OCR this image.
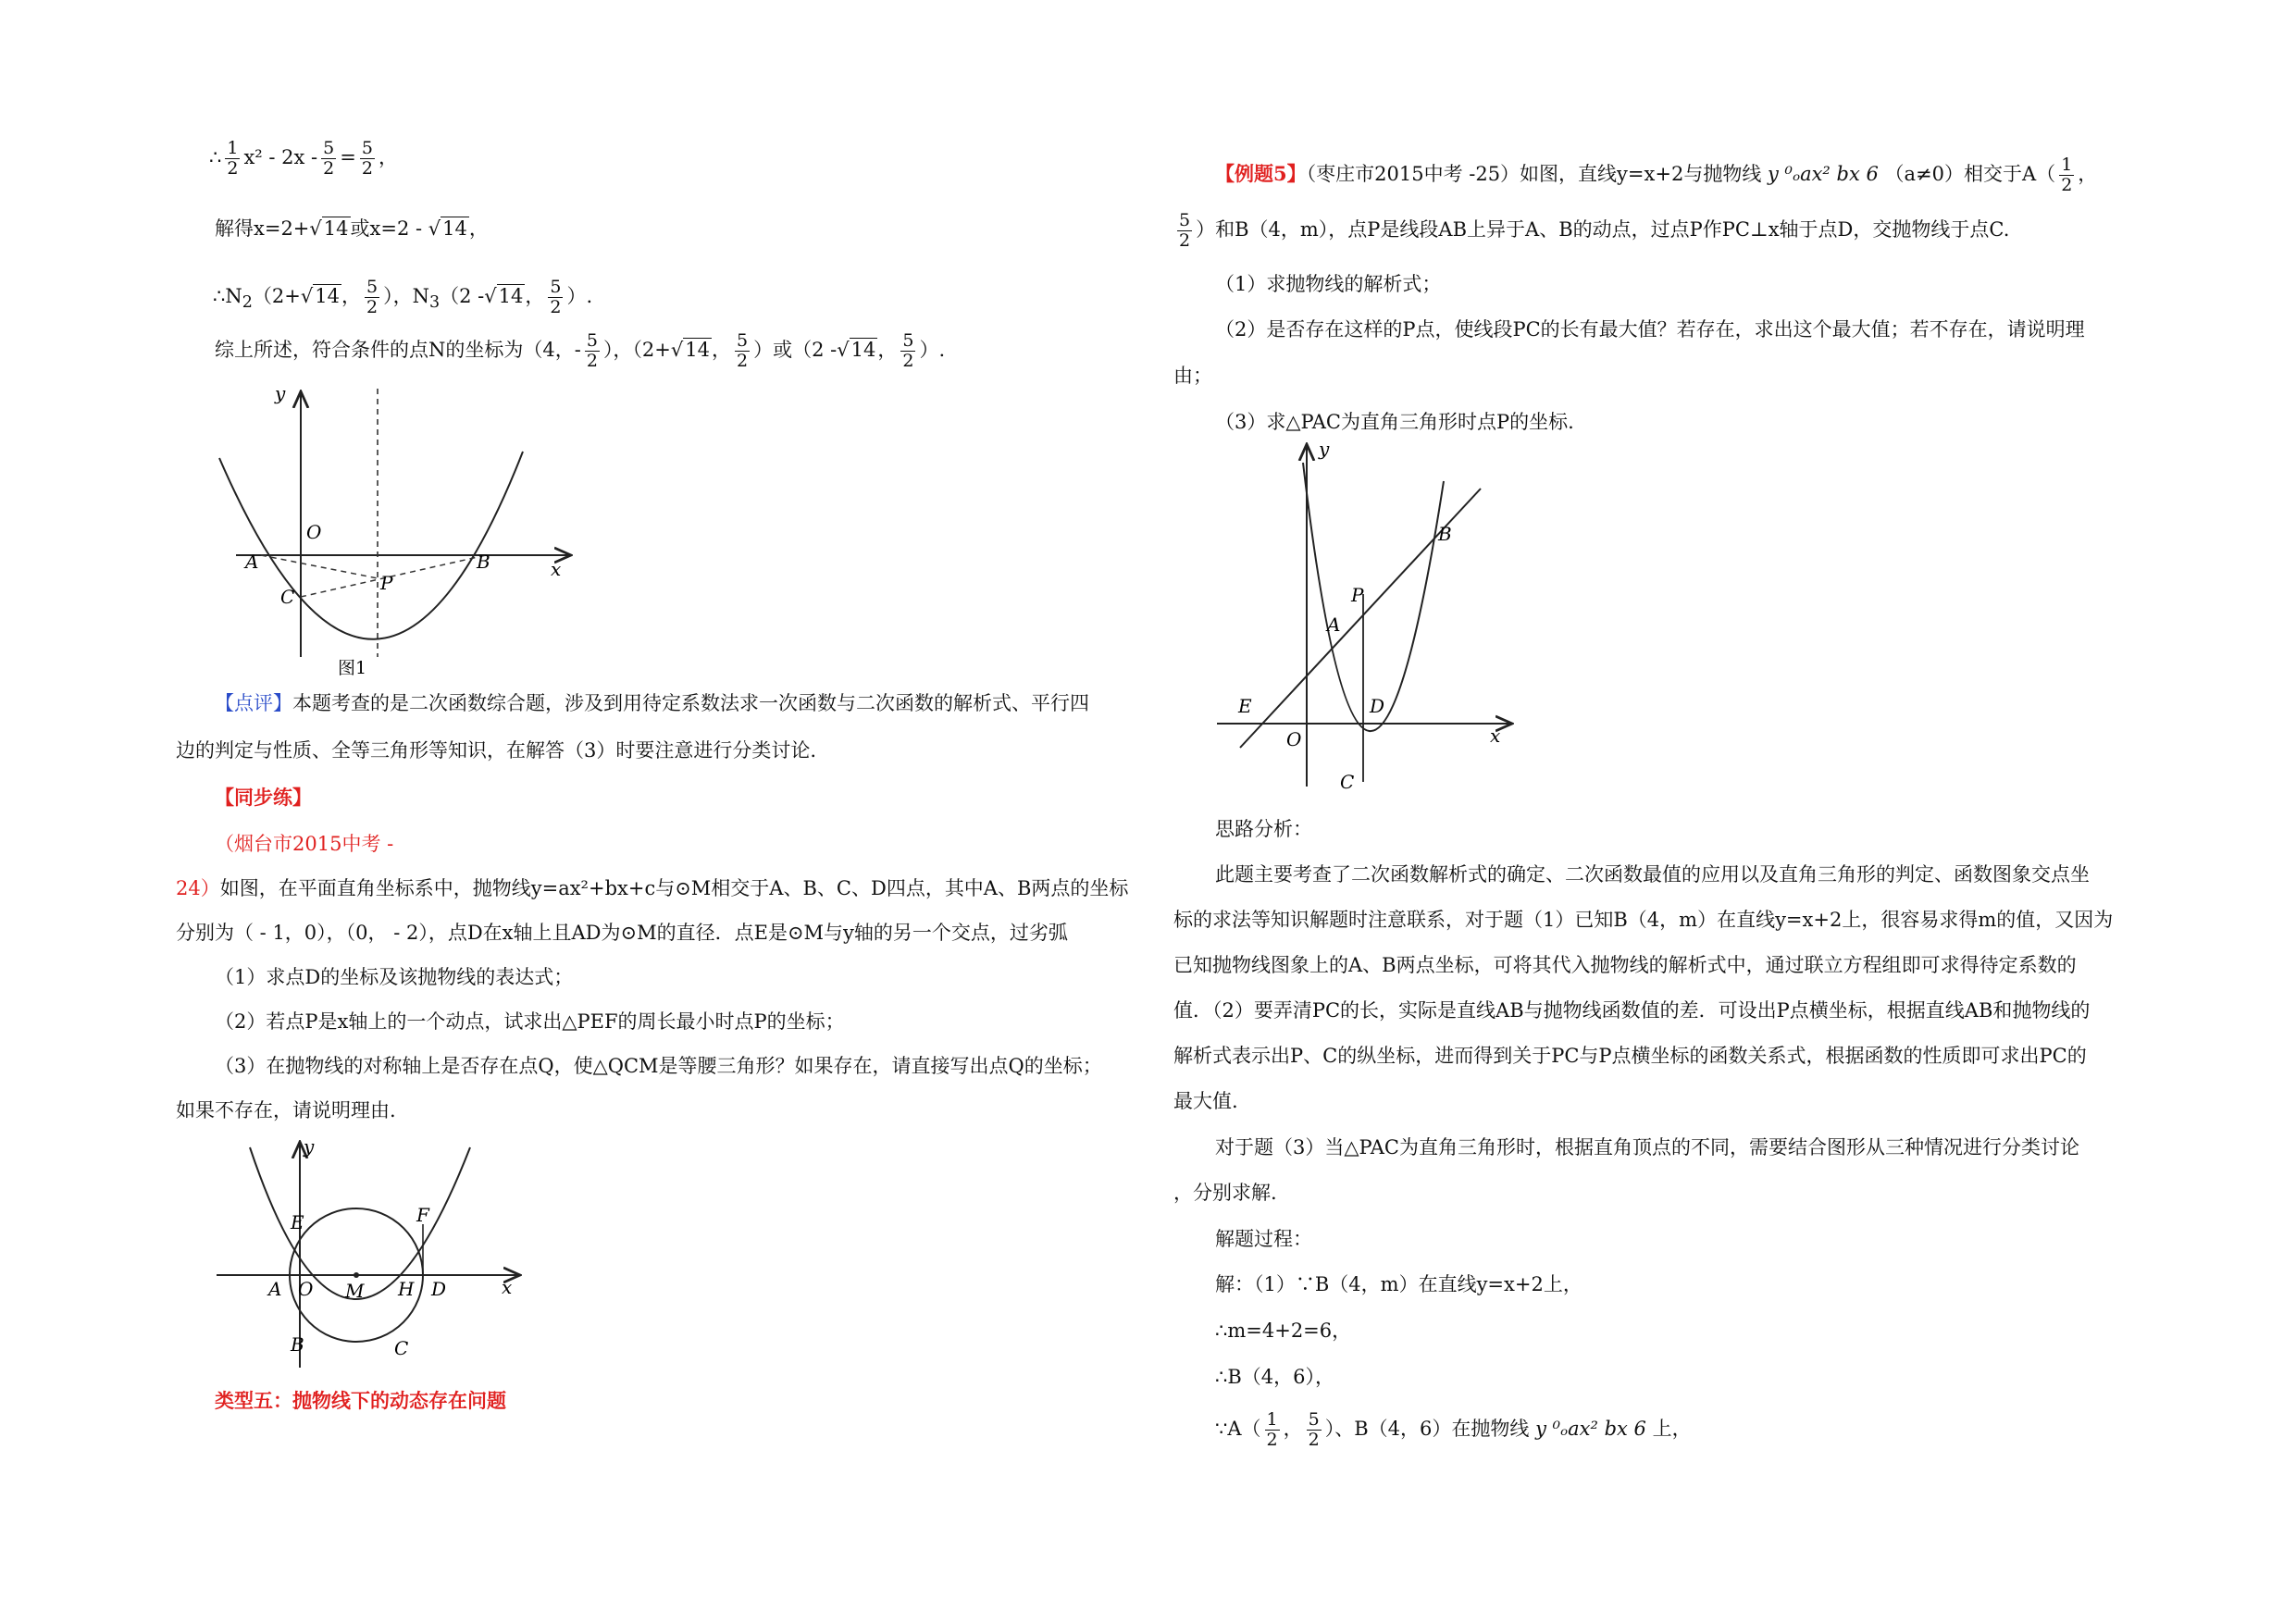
∴ $\frac{1}{2} x^2 - 2x - \frac{5}{2} = \frac{5}{2}$ ，
解得x=2+√14或x=2 - √14，
$\therefore N_2(2+√14$， $\frac{5}{2}$ ），$N_3(2$ -√14， $\frac{5}{2}$ ）.
综上所述，符合条件的点N的坐标为（4，- $\frac{5}{2}$ ），（2+√14， $\frac{5}{2}$ ）或（2 -√14， $\frac{5}{2}$ ）.
y
x
O
A	B
C
P
图1
【点评】本题考查的是二次函数综合题，涉及到用待定系数法求一次函数与二次函数的解析式、平行四
边的判定与性质、全等三角形等知识，在解答（3）时要注意进行分类讨论.
【同步练】
（烟台市2015中考 -
24）如图，在平面直角坐标系中，抛物线y=ax²+bx+c与⊙M相交于A、B、C、D四点，其中A、B两点的坐标
分别为（ - 1，0），（0， - 2），点D在x轴上且AD为⊙M的直径．点E是⊙M与y轴的另一个交点，过劣弧
（1）求点D的坐标及该抛物线的表达式；
（2）若点P是x轴上的一个动点，试求出△PEF的周长最小时点P的坐标；
（3）在抛物线的对称轴上是否存在点Q，使△QCM是等腰三角形？如果存在，请直接写出点Q的坐标；
如果不存在，请说明理由.
y
x
E	F
A O M H D
B	C
类型五：抛物线下的动态存在问题
【例题5】（枣庄市2015中考 -25）如图，直线y=x+2与抛物线 y ⁰ₒax² bx 6 （a≠0）相交于$A( \frac{1}{2}$ ，
$\frac{5}{2}$ ）和B（4，m），点P是线段AB上异于A、B的动点，过点P作PC⊥x轴于点D，交抛物线于点C.
（1）求抛物线的解析式；
（2）是否存在这样的P点，使线段PC的长有最大值？若存在，求出这个最大值；若不存在，请说明理
由；
（3）求△PAC为直角三角形时点P的坐标.
y
x
B
P
A
E
O
D
C
思路分析：
此题主要考查了二次函数解析式的确定、二次函数最值的应用以及直角三角形的判定、函数图象交点坐
标的求法等知识解题时注意联系，对于题（1）已知B（4，m）在直线y=x+2上，很容易求得m的值，又因为
已知抛物线图象上的A、B两点坐标，可将其代入抛物线的解析式中，通过联立方程组即可求得待定系数的
值．（2）要弄清PC的长，实际是直线AB与抛物线函数值的差．可设出P点横坐标，根据直线AB和抛物线的
解析式表示出P、C的纵坐标，进而得到关于PC与P点横坐标的函数关系式，根据函数的性质即可求出PC的
最大值.
对于题（3）当△PAC为直角三角形时，根据直角顶点的不同，需要结合图形从三种情况进行分类讨论
，分别求解.
解题过程：
解：（1）∵B（4，m）在直线y=x+2上，
∴m=4+2=6，
∴B（4，6），
∵A（ $\frac{1}{2}$ ， $\frac{5}{2}$ ）、B（4，6）在抛物线 y ⁰ₒax² bx 6 上，
